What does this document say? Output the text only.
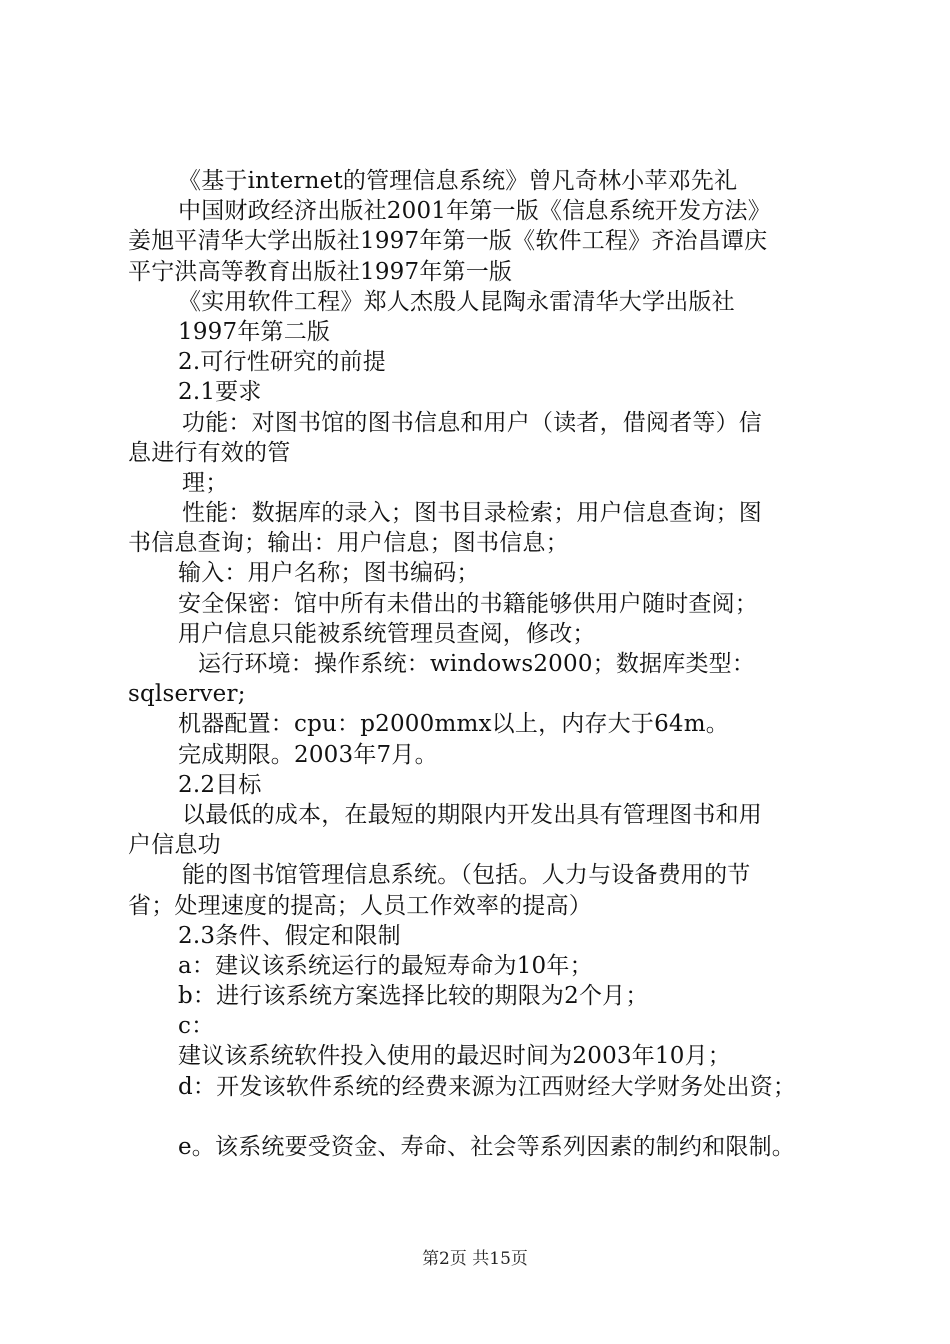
《基于internet的管理信息系统》曾凡奇林小苹邓先礼
中国财政经济出版社2001年第一版《信息系统开发方法》
姜旭平清华大学出版社1997年第一版《软件工程》齐治昌谭庆
平宁洪高等教育出版社1997年第一版
《实用软件工程》郑人杰殷人昆陶永雷清华大学出版社
1997年第二版
2.可行性研究的前提
2.1要求
功能：对图书馆的图书信息和用户（读者，借阅者等）信
息进行有效的管
理；
性能：数据库的录入；图书目录检索；用户信息查询；图
书信息查询；输出：用户信息；图书信息；
输入：用户名称；图书编码；
安全保密：馆中所有未借出的书籍能够供用户随时查阅；
用户信息只能被系统管理员查阅，修改；
运行环境：操作系统：windows2000；数据库类型：
sqlserver;
机器配置：cpu：p2000mmx以上，内存大于64m。
完成期限。2003年7月。
2.2目标
以最低的成本，在最短的期限内开发出具有管理图书和用
户信息功
能的图书馆管理信息系统。（包括。人力与设备费用的节
省；处理速度的提高；人员工作效率的提高）
2.3条件、假定和限制
a：建议该系统运行的最短寿命为10年；
b：进行该系统方案选择比较的期限为2个月；
c：
建议该系统软件投入使用的最迟时间为2003年10月；
d：开发该软件系统的经费来源为江西财经大学财务处出资；
e。该系统要受资金、寿命、社会等系列因素的制约和限制。
第2页 共15页
